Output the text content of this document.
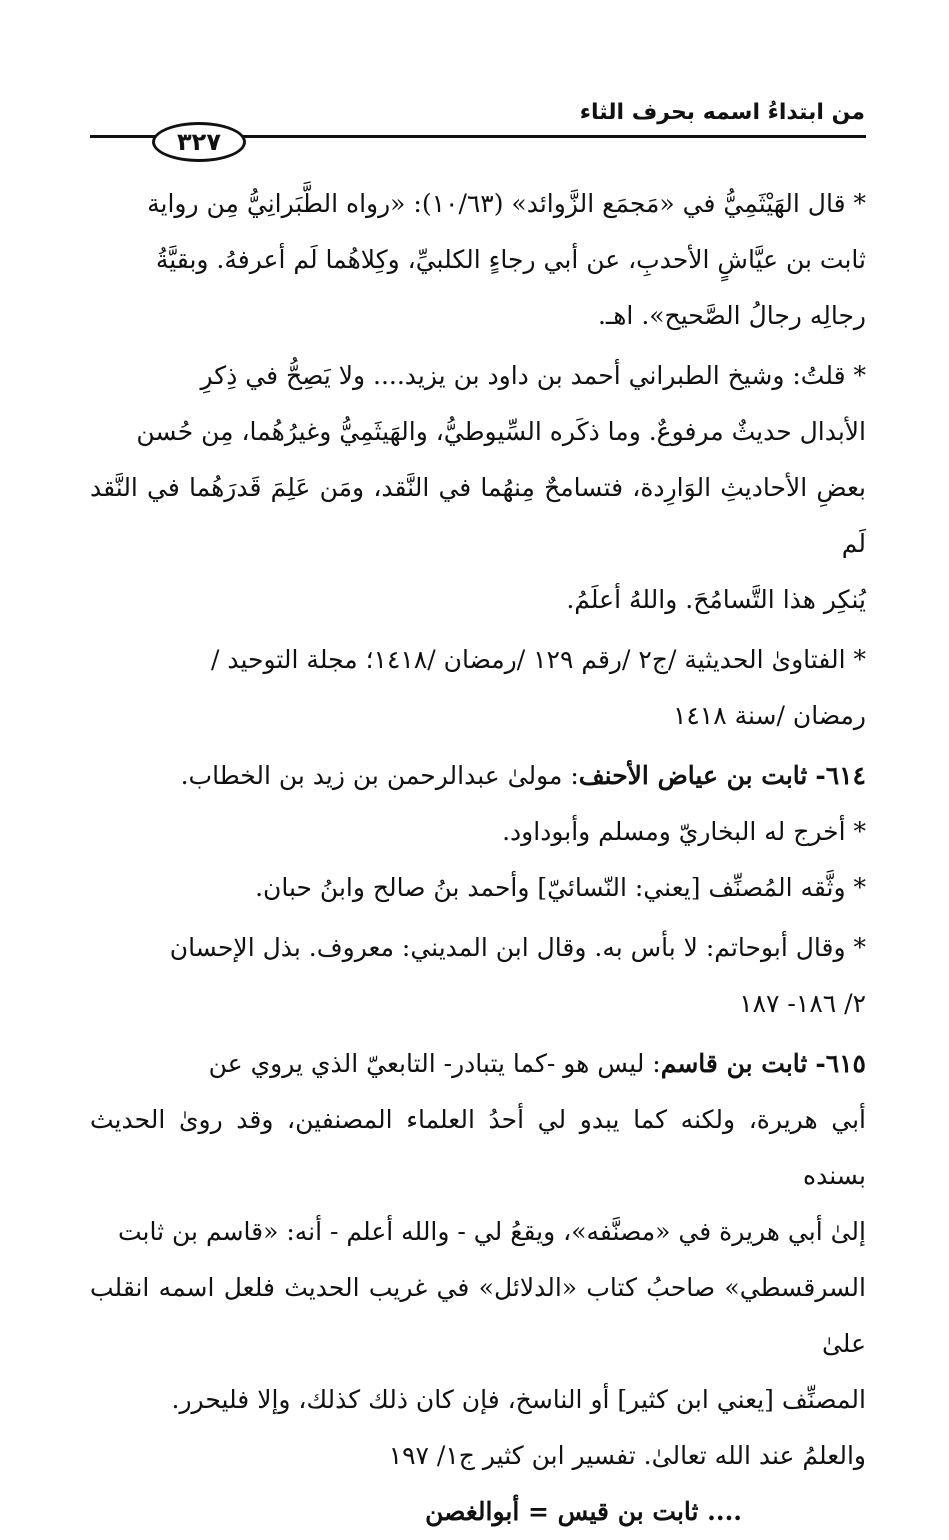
من ابتداءُ اسمه بحرف الثاء
٣٢٧

* قال الهَيْثَمِيُّ في «مَجمَع الزَّوائد» (١٠/٦٣): «رواه الطَّبَرانِيُّ مِن رواية
ثابت بن عيَّاشٍ الأحدبِ، عن أبي رجاءٍ الكلبيِّ، وكِلاهُما لَم أعرفهُ. وبقيَّةُ
رجالِه رجالُ الصَّحيح». اهـ.

* قلتُ: وشيخ الطبراني أحمد بن داود بن يزيد.... ولا يَصِحُّ في ذِكرِ
الأبدال حديثٌ مرفوعٌ. وما ذكَره السِّيوطيُّ، والهَيثَمِيُّ وغيرُهُما، مِن حُسن
بعضِ الأحاديثِ الوَارِدة، فتسامحٌ مِنهُما في النَّقد، ومَن عَلِمَ قَدرَهُما في النَّقد لَم
يُنكِر هذا التَّسامُحَ. واللهُ أعلَمُ.

* الفتاوىٰ الحديثية /ج٢ /رقم ١٢٩ /رمضان /١٤١٨؛ مجلة التوحيد /
رمضان /سنة ١٤١٨

٦١٤- ثابت بن عياض الأحنف: مولىٰ عبدالرحمن بن زيد بن الخطاب.

* أخرج له البخاريّ ومسلم وأبوداود.

* وثَّقه المُصنِّف [يعني: النّسائيّ] وأحمد بنُ صالح وابنُ حبان.

* وقال أبوحاتم: لا بأس به. وقال ابن المديني: معروف. بذل الإحسان
٢/ ١٨٦- ١٨٧

٦١٥- ثابت بن قاسم: ليس هو -كما يتبادر- التابعيّ الذي يروي عن
أبي هريرة، ولكنه كما يبدو لي أحدُ العلماء المصنفين، وقد روىٰ الحديث بسنده
إلىٰ أبي هريرة في «مصنَّفه»، ويقعُ لي - والله أعلم - أنه: «قاسم بن ثابت
السرقسطي» صاحبُ كتاب «الدلائل» في غريب الحديث فلعل اسمه انقلب علىٰ
المصنِّف [يعني ابن كثير] أو الناسخ، فإن كان ذلك كذلك، وإلا فليحرر.
والعلمُ عند الله تعالىٰ. تفسير ابن كثير ج١/ ١٩٧

.... ثابت بن قيس = أبوالغصن
